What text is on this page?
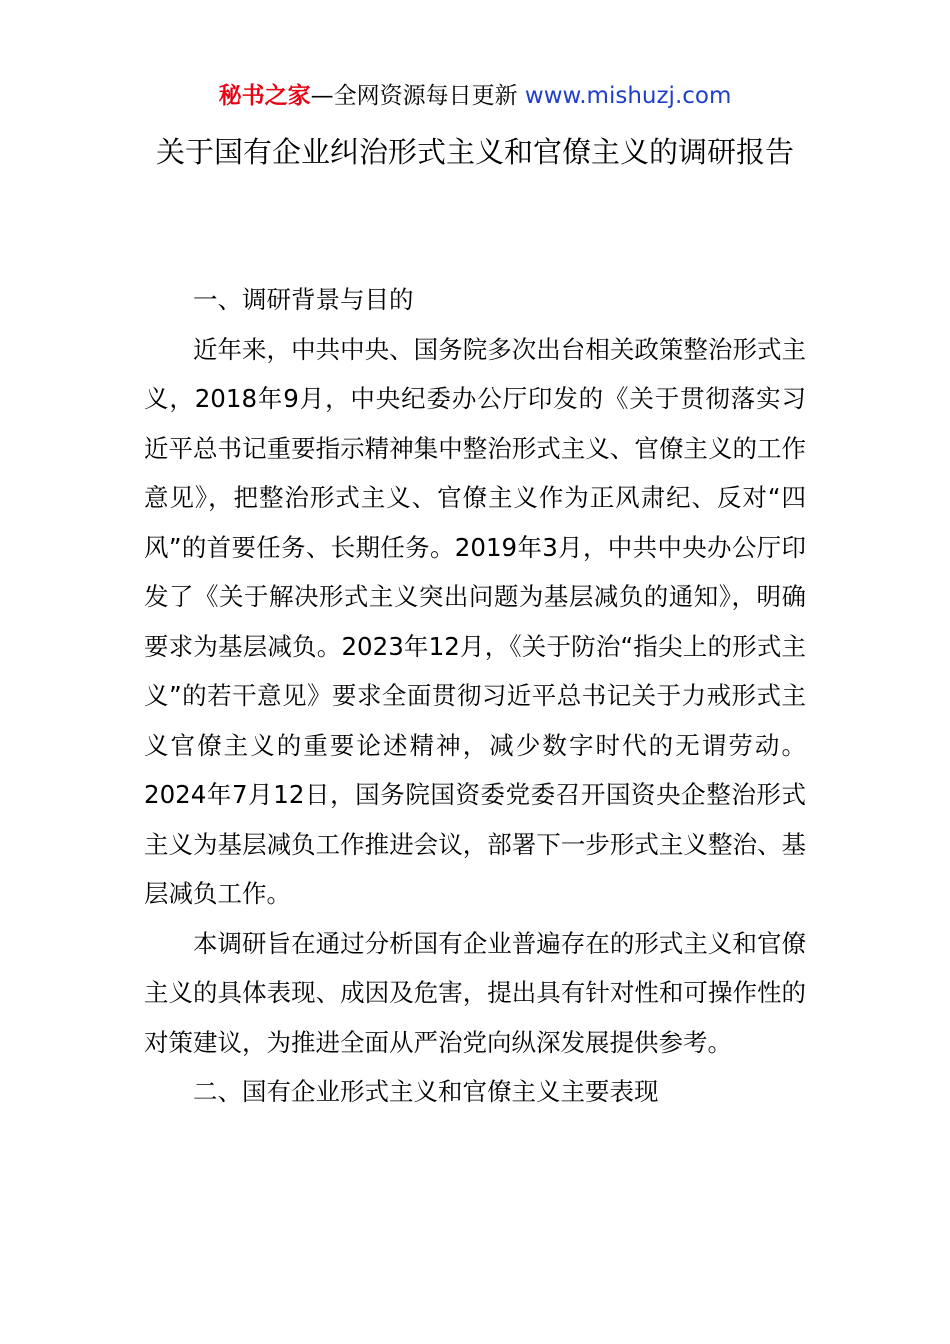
秘书之家—全网资源每日更新 www.mishuzj.com
关于国有企业纠治形式主义和官僚主义的调研报告

一、调研背景与目的

近年来，中共中央、国务院多次出台相关政策整治形式主义，2018年9月，中央纪委办公厅印发的《关于贯彻落实习近平总书记重要指示精神集中整治形式主义、官僚主义的工作意见》，把整治形式主义、官僚主义作为正风肃纪、反对“四风”的首要任务、长期任务。2019年3月，中共中央办公厅印发了《关于解决形式主义突出问题为基层减负的通知》，明确要求为基层减负。2023年12月，《关于防治“指尖上的形式主义”的若干意见》要求全面贯彻习近平总书记关于力戒形式主义官僚主义的重要论述精神，减少数字时代的无谓劳动。2024年7月12日，国务院国资委党委召开国资央企整治形式主义为基层减负工作推进会议，部署下一步形式主义整治、基层减负工作。

本调研旨在通过分析国有企业普遍存在的形式主义和官僚主义的具体表现、成因及危害，提出具有针对性和可操作性的对策建议，为推进全面从严治党向纵深发展提供参考。

二、国有企业形式主义和官僚主义主要表现
